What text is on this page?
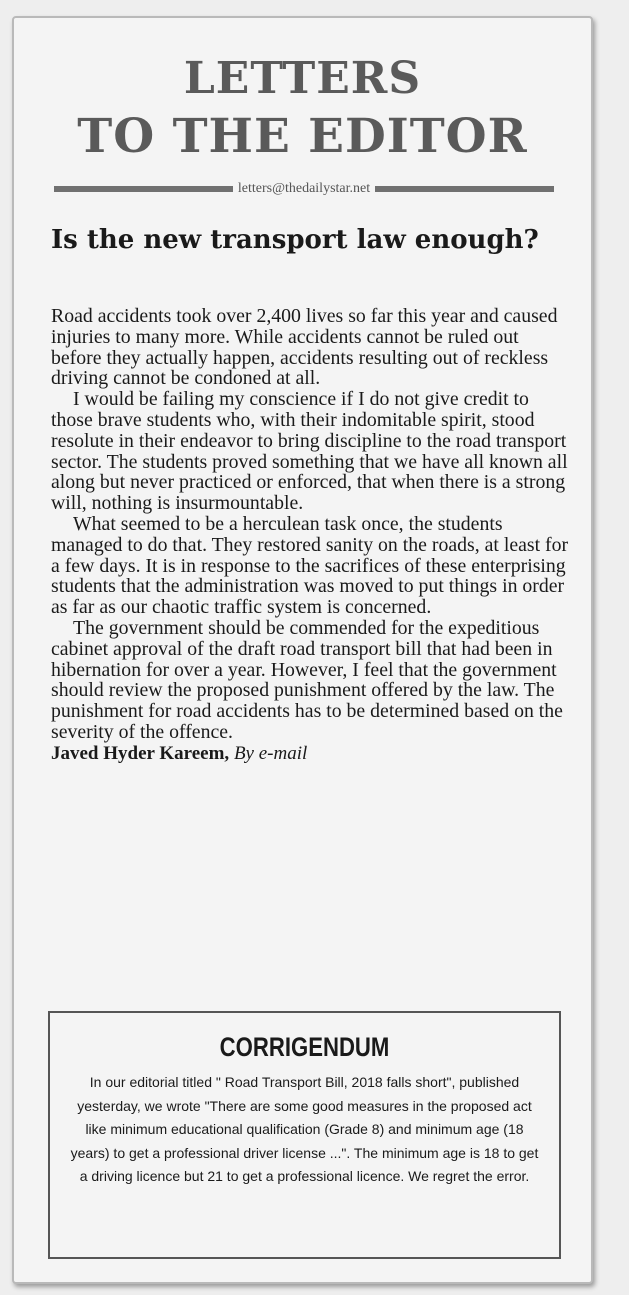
LETTERS
TO THE EDITOR
letters@thedailystar.net
Is the new transport law enough?

Road accidents took over 2,400 lives so far this year and caused injuries to many more. While accidents cannot be ruled out before they actually happen, accidents resulting out of reckless driving cannot be condoned at all.

I would be failing my conscience if I do not give credit to those brave students who, with their indomitable spirit, stood resolute in their endeavor to bring discipline to the road transport sector. The students proved something that we have all known all along but never practiced or enforced, that when there is a strong will, nothing is insurmountable.

What seemed to be a herculean task once, the students managed to do that. They restored sanity on the roads, at least for a few days. It is in response to the sacrifices of these enterprising students that the administration was moved to put things in order as far as our chaotic traffic system is concerned.

The government should be commended for the expeditious cabinet approval of the draft road transport bill that had been in hibernation for over a year. However, I feel that the government should review the proposed punishment offered by the law. The punishment for road accidents has to be determined based on the severity of the offence.

Javed Hyder Kareem, By e-mail
CORRIGENDUM
In our editorial titled " Road Transport Bill, 2018 falls short", published yesterday, we wrote "There are some good measures in the proposed act like minimum educational qualification (Grade 8) and minimum age (18 years) to get a professional driver license ...". The minimum age is 18 to get a driving licence but 21 to get a professional licence. We regret the error.
